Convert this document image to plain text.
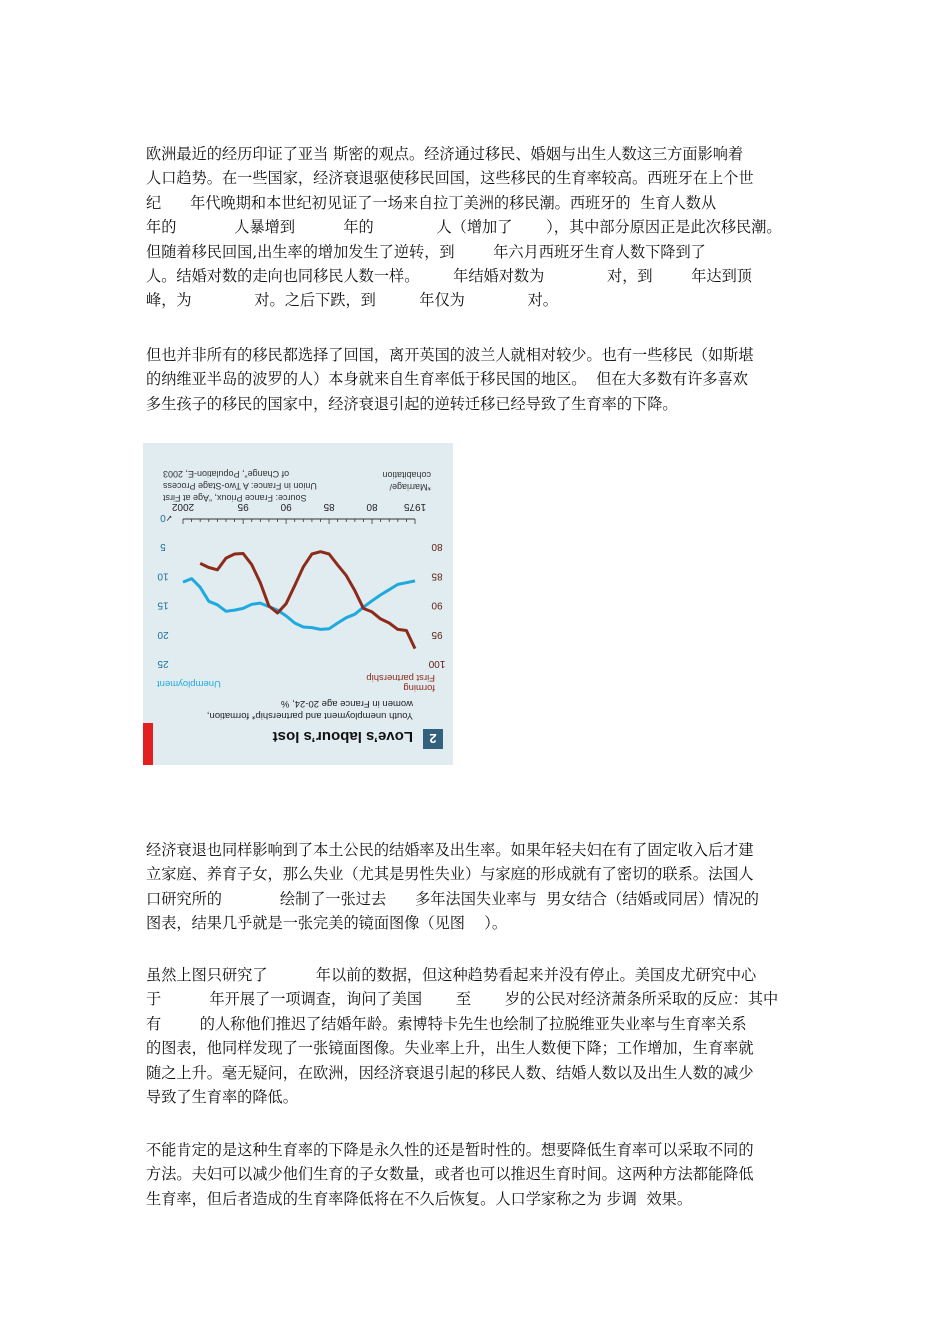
欧洲最近的经历印证了亚当 斯密的观点。经济通过移民、婚姻与出生人数这三方面影响着
人口趋势。在一些国家，经济衰退驱使移民回国，这些移民的生育率较高。西班牙在上个世
纪      年代晚期和本世纪初见证了一场来自拉丁美洲的移民潮。西班牙的  生育人数从
年的            人暴增到          年的             人（增加了       ），其中部分原因正是此次移民潮。
但随着移民回国,出生率的增加发生了逆转，到        年六月西班牙生育人数下降到了
人。结婚对数的走向也同移民人数一样。       年结婚对数为             对，到        年达到顶
峰，为             对。之后下跌，到         年仅为             对。
但也并非所有的移民都选择了回国，离开英国的波兰人就相对较少。也有一些移民（如斯堪
的纳维亚半岛的波罗的人）本身就来自生育率低于移民国的地区。  但在大多数有许多喜欢
多生孩子的移民的国家中，经济衰退引起的逆转迁移已经导致了生育率的下降。
2
Love’s labour’s lost
Youth unemployment and partnership* formation,
women in France age 20-24, %
First partnership
forming
Unemployment
1975
80
85
90
95
2002
✓
0
5
10
15
20
25
80
85
90
95
100
*Marriage/
cohabitation
Source: France Prioux, “Age at First
Union in France: A Two-Stage Process
of Change”, Population-E, 2003
经济衰退也同样影响到了本土公民的结婚率及出生率。如果年轻夫妇在有了固定收入后才建
立家庭、养育子女，那么失业（尤其是男性失业）与家庭的形成就有了密切的联系。法国人
口研究所的            绘制了一张过去      多年法国失业率与  男女结合（结婚或同居）情况的
图表，结果几乎就是一张完美的镜面图像（见图    ）。
虽然上图只研究了          年以前的数据，但这种趋势看起来并没有停止。美国皮尤研究中心
于          年开展了一项调查，询问了美国       至       岁的公民对经济萧条所采取的反应：其中
有        的人称他们推迟了结婚年龄。索博特卡先生也绘制了拉脱维亚失业率与生育率关系
的图表，他同样发现了一张镜面图像。失业率上升，出生人数便下降；工作增加，生育率就
随之上升。毫无疑问，在欧洲，因经济衰退引起的移民人数、结婚人数以及出生人数的减少
导致了生育率的降低。
不能肯定的是这种生育率的下降是永久性的还是暂时性的。想要降低生育率可以采取不同的
方法。夫妇可以减少他们生育的子女数量，或者也可以推迟生育时间。这两种方法都能降低
生育率，但后者造成的生育率降低将在不久后恢复。人口学家称之为 步调  效果。
